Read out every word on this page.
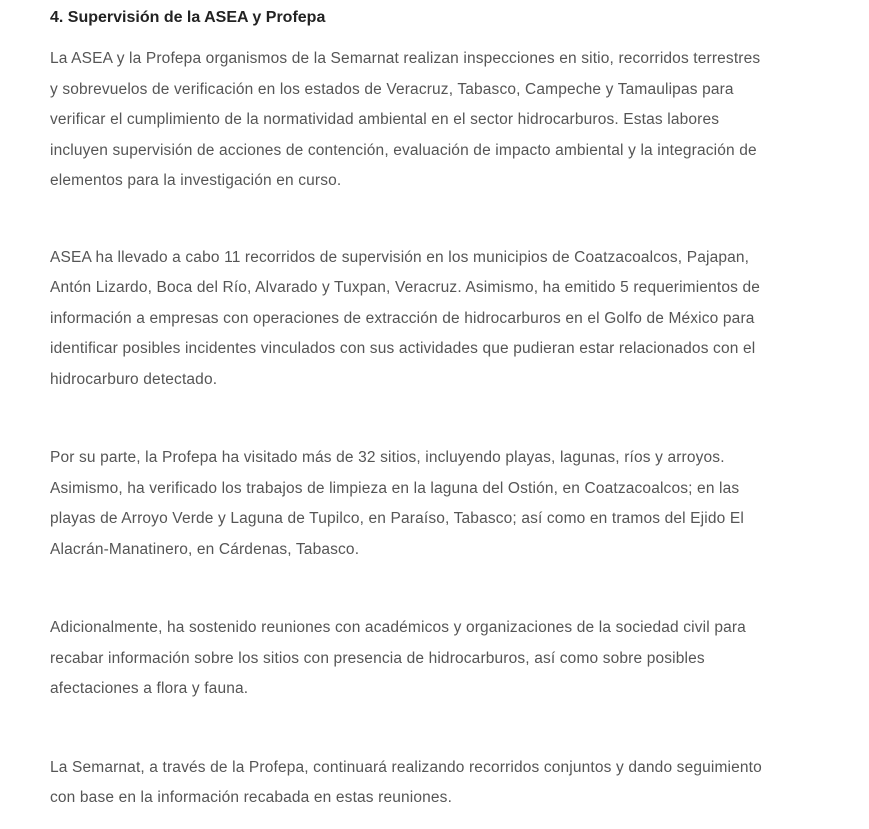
4. Supervisión de la ASEA y Profepa

La ASEA y la Profepa organismos de la Semarnat realizan inspecciones en sitio, recorridos terrestres y sobrevuelos de verificación en los estados de Veracruz, Tabasco, Campeche y Tamaulipas para verificar el cumplimiento de la normatividad ambiental en el sector hidrocarburos. Estas labores incluyen supervisión de acciones de contención, evaluación de impacto ambiental y la integración de elementos para la investigación en curso.

ASEA ha llevado a cabo 11 recorridos de supervisión en los municipios de Coatzacoalcos, Pajapan, Antón Lizardo, Boca del Río, Alvarado y Tuxpan, Veracruz. Asimismo, ha emitido 5 requerimientos de información a empresas con operaciones de extracción de hidrocarburos en el Golfo de México para identificar posibles incidentes vinculados con sus actividades que pudieran estar relacionados con el hidrocarburo detectado.

Por su parte, la Profepa ha visitado más de 32 sitios, incluyendo playas, lagunas, ríos y arroyos. Asimismo, ha verificado los trabajos de limpieza en la laguna del Ostión, en Coatzacoalcos; en las playas de Arroyo Verde y Laguna de Tupilco, en Paraíso, Tabasco; así como en tramos del Ejido El Alacrán-Manatinero, en Cárdenas, Tabasco.

Adicionalmente, ha sostenido reuniones con académicos y organizaciones de la sociedad civil para recabar información sobre los sitios con presencia de hidrocarburos, así como sobre posibles afectaciones a flora y fauna.

La Semarnat, a través de la Profepa, continuará realizando recorridos conjuntos y dando seguimiento con base en la información recabada en estas reuniones.
